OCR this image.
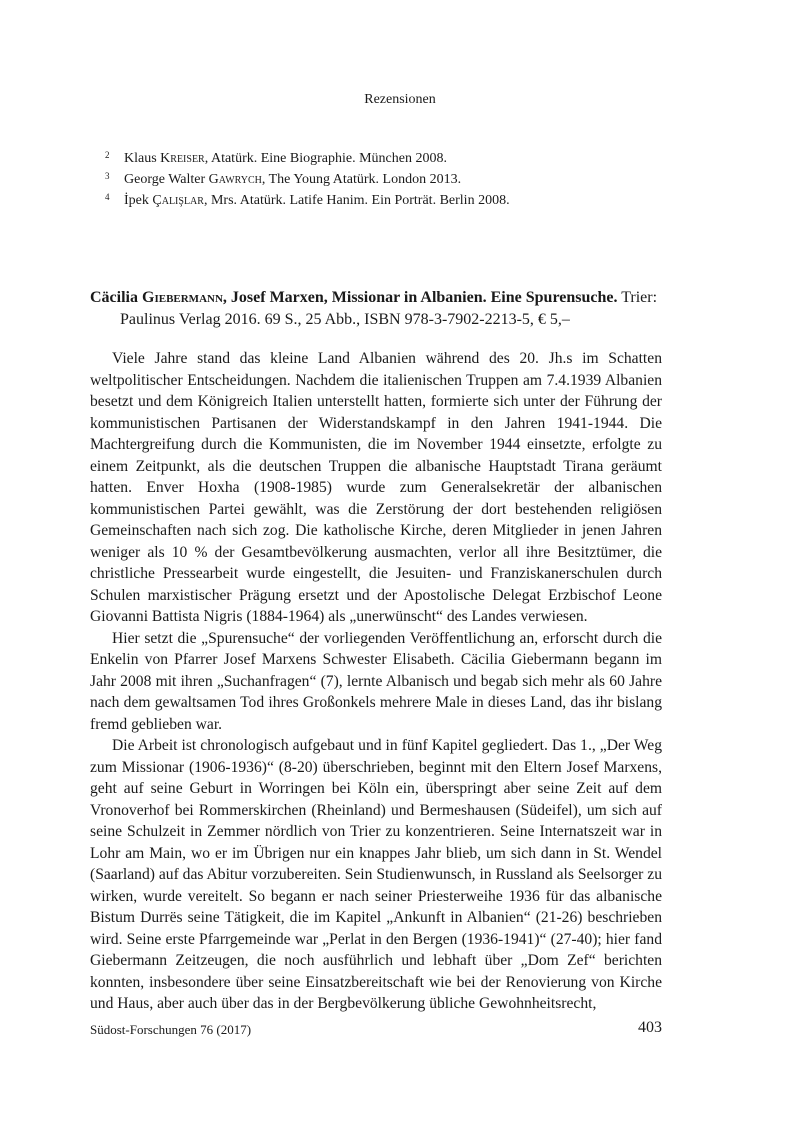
Rezensionen
2 Klaus Kreiser, Atatürk. Eine Biographie. München 2008.
3 George Walter Gawrych, The Young Atatürk. London 2013.
4 İpek Çalışlar, Mrs. Atatürk. Latife Hanim. Ein Porträt. Berlin 2008.
Cäcilia Giebermann, Josef Marxen, Missionar in Albanien. Eine Spurensuche. Trier:
Paulinus Verlag 2016. 69 S., 25 Abb., ISBN 978-3-7902-2213-5, € 5,–

Viele Jahre stand das kleine Land Albanien während des 20. Jh.s im Schatten weltpolitischer Entscheidungen. Nachdem die italienischen Truppen am 7.4.1939 Albanien besetzt und dem Königreich Italien unterstellt hatten, formierte sich unter der Führung der kommunistischen Partisanen der Widerstandskampf in den Jahren 1941-1944. Die Machtergreifung durch die Kommunisten, die im November 1944 einsetzte, erfolgte zu einem Zeitpunkt, als die deutschen Truppen die albanische Hauptstadt Tirana geräumt hatten. Enver Hoxha (1908-1985) wurde zum Generalsekretär der albanischen kommunistischen Partei gewählt, was die Zerstörung der dort bestehenden religiösen Gemeinschaften nach sich zog. Die katholische Kirche, deren Mitglieder in jenen Jahren weniger als 10 % der Gesamtbevölkerung ausmachten, verlor all ihre Besitztümer, die christliche Pressearbeit wurde eingestellt, die Jesuiten- und Franziskanerschulen durch Schulen marxistischer Prägung ersetzt und der Apostolische Delegat Erzbischof Leone Giovanni Battista Nigris (1884-1964) als „unerwünscht“ des Landes verwiesen.

Hier setzt die „Spurensuche“ der vorliegenden Veröffentlichung an, erforscht durch die Enkelin von Pfarrer Josef Marxens Schwester Elisabeth. Cäcilia Giebermann begann im Jahr 2008 mit ihren „Suchanfragen“ (7), lernte Albanisch und begab sich mehr als 60 Jahre nach dem gewaltsamen Tod ihres Großonkels mehrere Male in dieses Land, das ihr bislang fremd geblieben war.

Die Arbeit ist chronologisch aufgebaut und in fünf Kapitel gegliedert. Das 1., „Der Weg zum Missionar (1906-1936)“ (8-20) überschrieben, beginnt mit den Eltern Josef Marxens, geht auf seine Geburt in Worringen bei Köln ein, überspringt aber seine Zeit auf dem Vronoverhof bei Rommerskirchen (Rheinland) und Bermeshausen (Südeifel), um sich auf seine Schulzeit in Zemmer nördlich von Trier zu konzentrieren. Seine Internatszeit war in Lohr am Main, wo er im Übrigen nur ein knappes Jahr blieb, um sich dann in St. Wendel (Saarland) auf das Abitur vorzubereiten. Sein Studienwunsch, in Russland als Seelsorger zu wirken, wurde vereitelt. So begann er nach seiner Priesterweihe 1936 für das albanische Bistum Durrës seine Tätigkeit, die im Kapitel „Ankunft in Albanien“ (21-26) beschrieben wird. Seine erste Pfarrgemeinde war „Perlat in den Bergen (1936-1941)“ (27-40); hier fand Giebermann Zeitzeugen, die noch ausführlich und lebhaft über „Dom Zef“ berichten konnten, insbesondere über seine Einsatzbereitschaft wie bei der Renovierung von Kirche und Haus, aber auch über das in der Bergbevölkerung übliche Gewohnheitsrecht,

Südost-Forschungen 76 (2017)	403
